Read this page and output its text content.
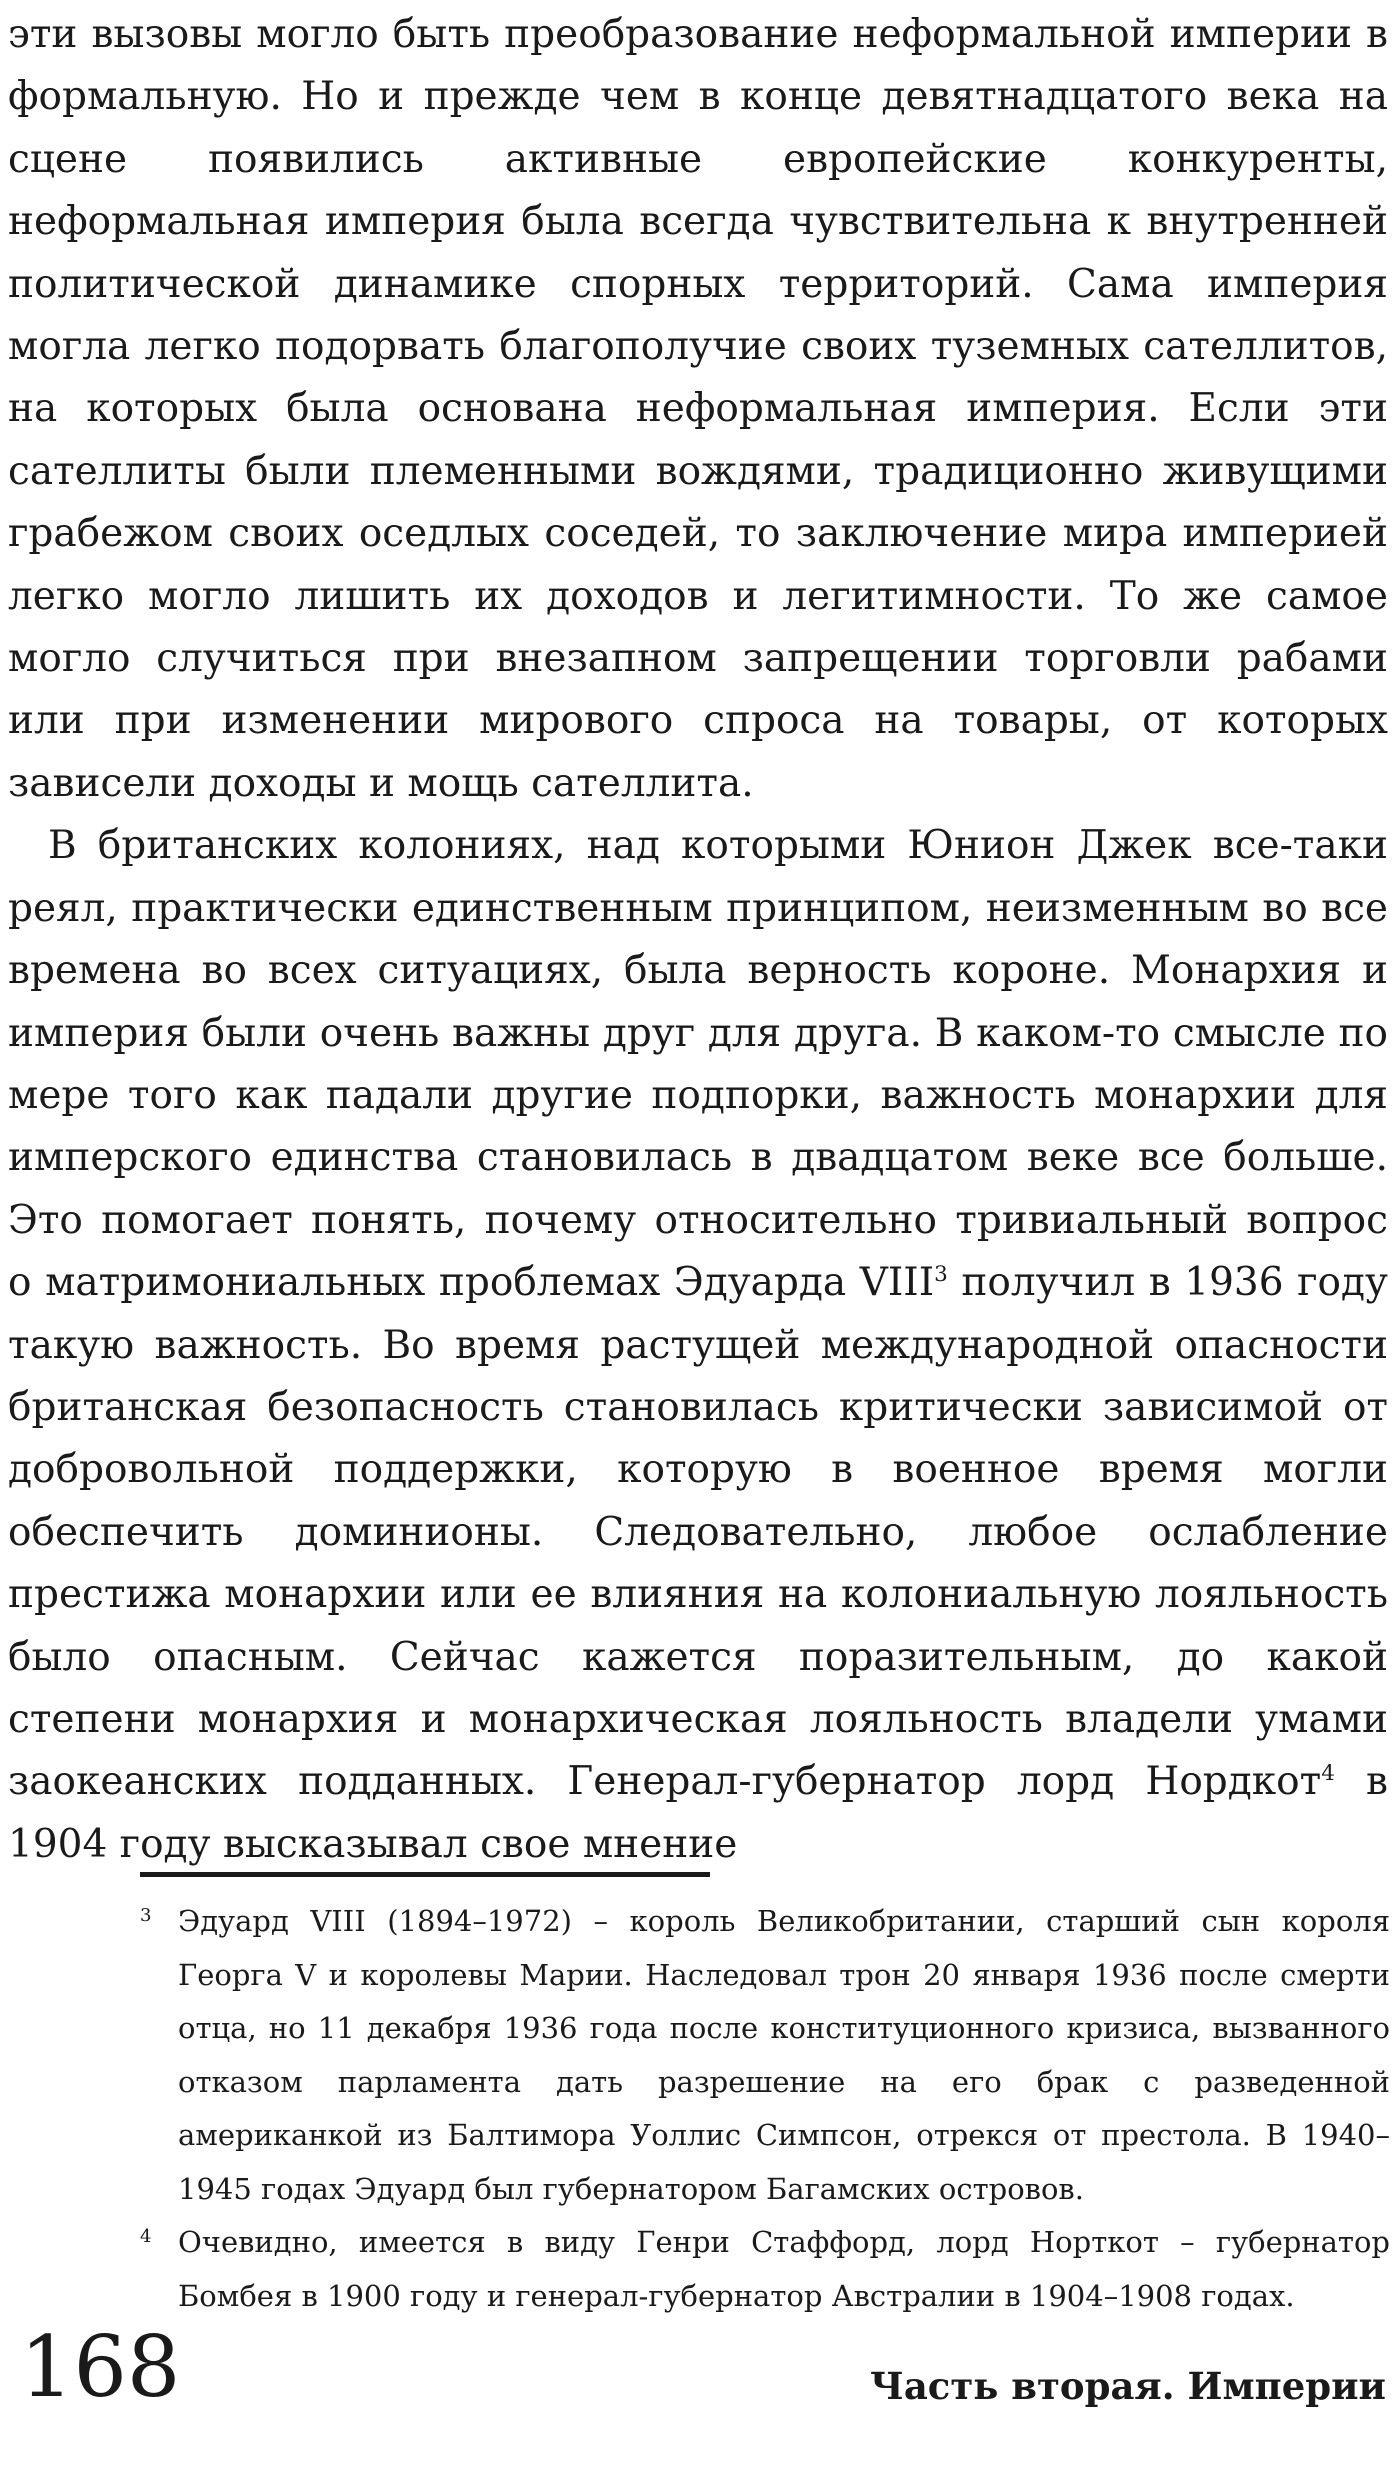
эти вызовы могло быть преобразование неформальной империи в формальную. Но и прежде чем в конце девятнадцатого века на сцене появились активные европейские конкуренты, неформальная империя была всегда чувствительна к внутренней политической динамике спорных территорий. Сама империя могла легко подорвать благополучие своих туземных сателлитов, на которых была основана неформальная империя. Если эти сателлиты были племенными вождями, традиционно живущими грабежом своих оседлых соседей, то заключение мира империей легко могло лишить их доходов и легитимности. То же самое могло случиться при внезапном запрещении торговли рабами или при изменении мирового спроса на товары, от которых зависели доходы и мощь сателлита.

В британских колониях, над которыми Юнион Джек все-таки реял, практически единственным принципом, неизменным во все времена во всех ситуациях, была верность короне. Монархия и империя были очень важны друг для друга. В каком-то смысле по мере того как падали другие подпорки, важность монархии для имперского единства становилась в двадцатом веке все больше. Это помогает понять, почему относительно тривиальный вопрос о матримониальных проблемах Эдуарда VIII$^3$ получил в 1936 году такую важность. Во время растущей международной опасности британская безопасность становилась критически зависимой от добровольной поддержки, которую в военное время могли обеспечить доминионы. Следовательно, любое ослабление престижа монархии или ее влияния на колониальную лояльность было опасным. Сейчас кажется поразительным, до какой степени монархия и монархическая лояльность владели умами заокеанских подданных. Генерал-губернатор лорд Нордкот$^4$ в 1904 году высказывал свое мнение

3 Эдуард VIII (1894–1972) – король Великобритании, старший сын короля Георга V и королевы Марии. Наследовал трон 20 января 1936 после смерти отца, но 11 декабря 1936 года после конституционного кризиса, вызванного отказом парламента дать разрешение на его брак с разведенной американкой из Балтимора Уоллис Симпсон, отрекся от престола. В 1940–1945 годах Эдуард был губернатором Багамских островов.

4 Очевидно, имеется в виду Генри Стаффорд, лорд Норткот – губернатор Бомбея в 1900 году и генерал-губернатор Австралии в 1904–1908 годах.

168	Часть вторая. Империи
